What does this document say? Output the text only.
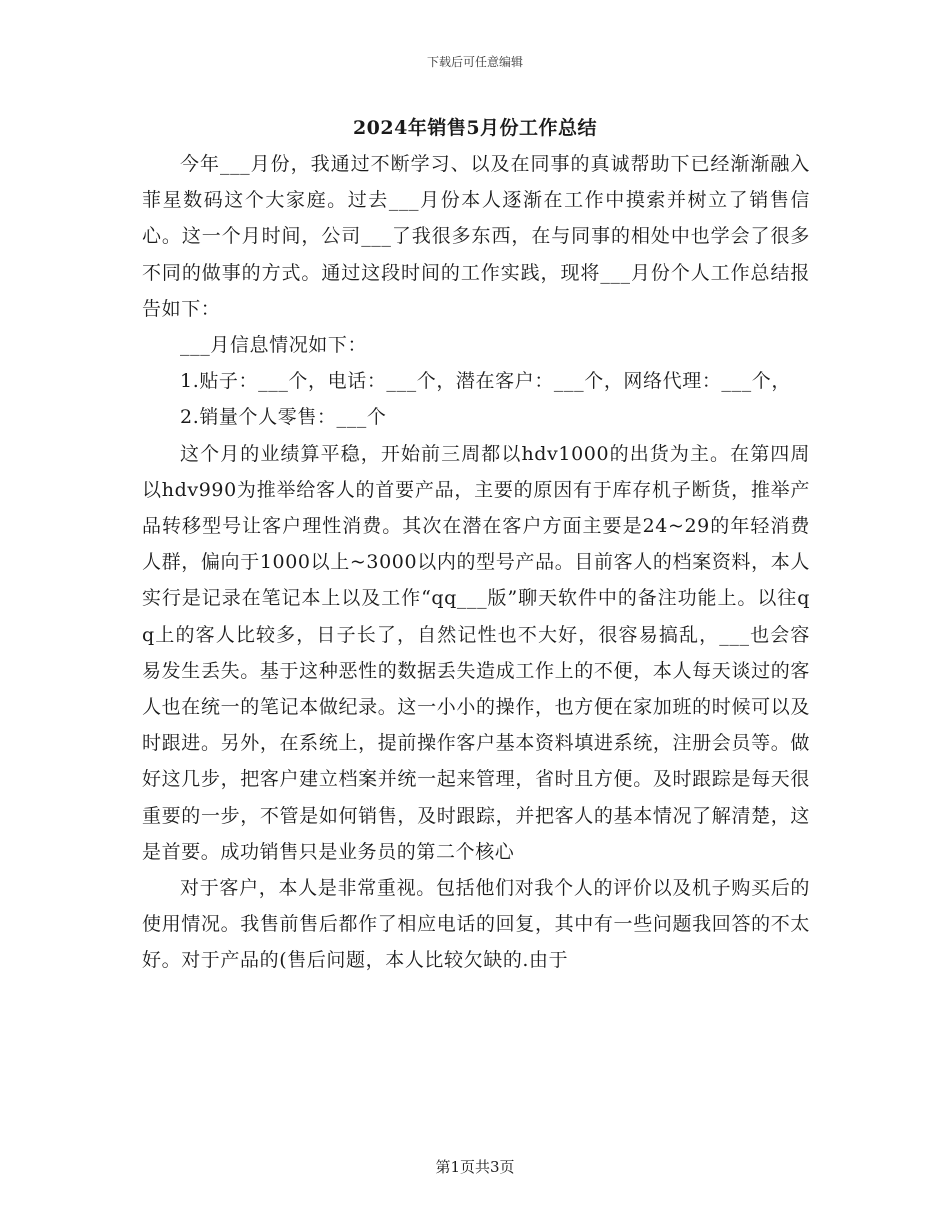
下载后可任意编辑
2024年销售5月份工作总结

今年___月份，我通过不断学习、以及在同事的真诚帮助下已经渐渐融入菲星数码这个大家庭。过去___月份本人逐渐在工作中摸索并树立了销售信心。这一个月时间，公司___了我很多东西，在与同事的相处中也学会了很多不同的做事的方式。通过这段时间的工作实践，现将___月份个人工作总结报告如下：

___月信息情况如下：

1.贴子：___个，电话：___个，潜在客户：___个，网络代理：___个，

2.销量个人零售：___个

这个月的业绩算平稳，开始前三周都以hdv1000的出货为主。在第四周以hdv990为推举给客人的首要产品，主要的原因有于库存机子断货，推举产品转移型号让客户理性消费。其次在潜在客户方面主要是24~29的年轻消费人群，偏向于1000以上~3000以内的型号产品。目前客人的档案资料，本人实行是记录在笔记本上以及工作“qq___版”聊天软件中的备注功能上。以往qq上的客人比较多，日子长了，自然记性也不大好，很容易搞乱，___也会容易发生丢失。基于这种恶性的数据丢失造成工作上的不便，本人每天谈过的客人也在统一的笔记本做纪录。这一小小的操作，也方便在家加班的时候可以及时跟进。另外，在系统上，提前操作客户基本资料填进系统，注册会员等。做好这几步，把客户建立档案并统一起来管理，省时且方便。及时跟踪是每天很重要的一步，不管是如何销售，及时跟踪，并把客人的基本情况了解清楚，这是首要。成功销售只是业务员的第二个核心

对于客户，本人是非常重视。包括他们对我个人的评价以及机子购买后的使用情况。我售前售后都作了相应电话的回复，其中有一些问题我回答的不太好。对于产品的(售后问题，本人比较欠缺的.由于

第1页共3页
